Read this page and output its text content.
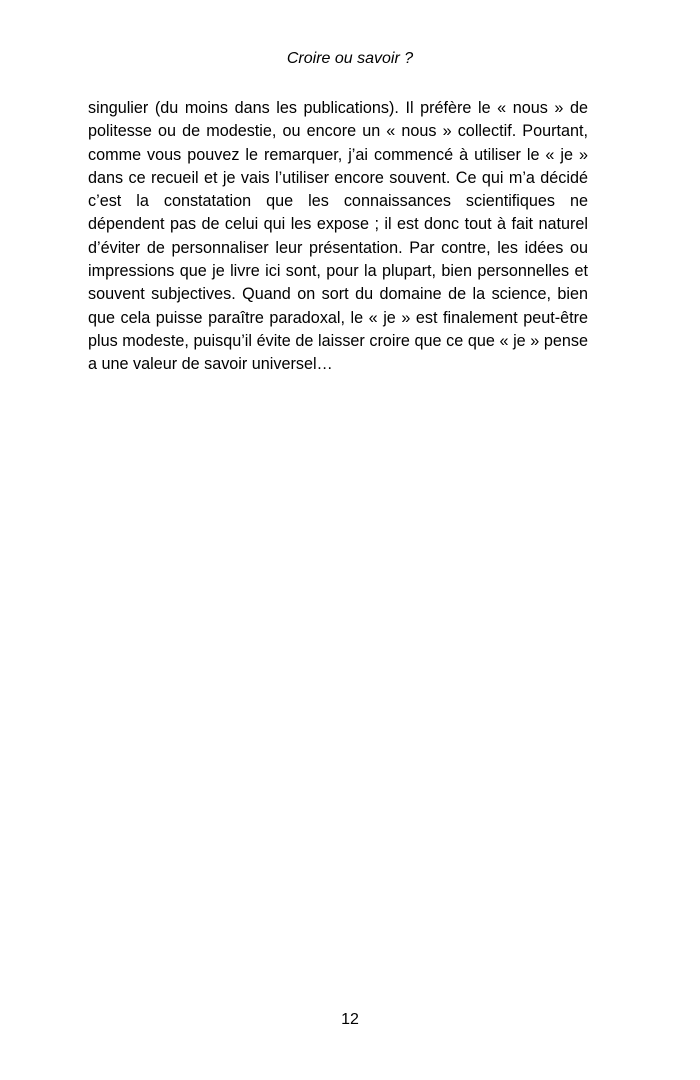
Croire ou savoir ?

singulier (du moins dans les publications). Il préfère le « nous » de politesse ou de modestie, ou encore un « nous » collectif. Pourtant, comme vous pouvez le remarquer, j’ai commencé à utiliser le « je » dans ce recueil et je vais l’utiliser encore souvent. Ce qui m’a décidé c’est la constatation que les connaissances scientifiques ne dépendent pas de celui qui les expose ; il est donc tout à fait naturel d’éviter de personnaliser leur présentation. Par contre, les idées ou impressions que je livre ici sont, pour la plupart, bien personnelles et souvent subjectives. Quand on sort du domaine de la science, bien que cela puisse paraître paradoxal, le « je » est finalement peut-être plus modeste, puisqu’il évite de laisser croire que ce que « je » pense a une valeur de savoir universel…

12
